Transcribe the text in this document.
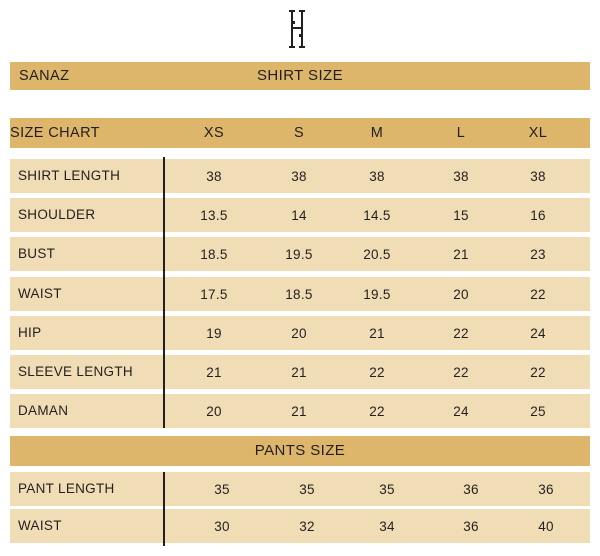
SANAZ	SHIRT SIZE
SIZE CHART	XS	S	M	L	XL
SHIRT LENGTH	38	38	38	38	38
SHOULDER	13.5	14	14.5	15	16
BUST	18.5	19.5	20.5	21	23
WAIST	17.5	18.5	19.5	20	22
HIP	19	20	21	22	24
SLEEVE LENGTH	21	21	22	22	22
DAMAN	20	21	22	24	25
PANTS SIZE
PANT LENGTH	35	35	35	36	36
WAIST	30	32	34	36	40
